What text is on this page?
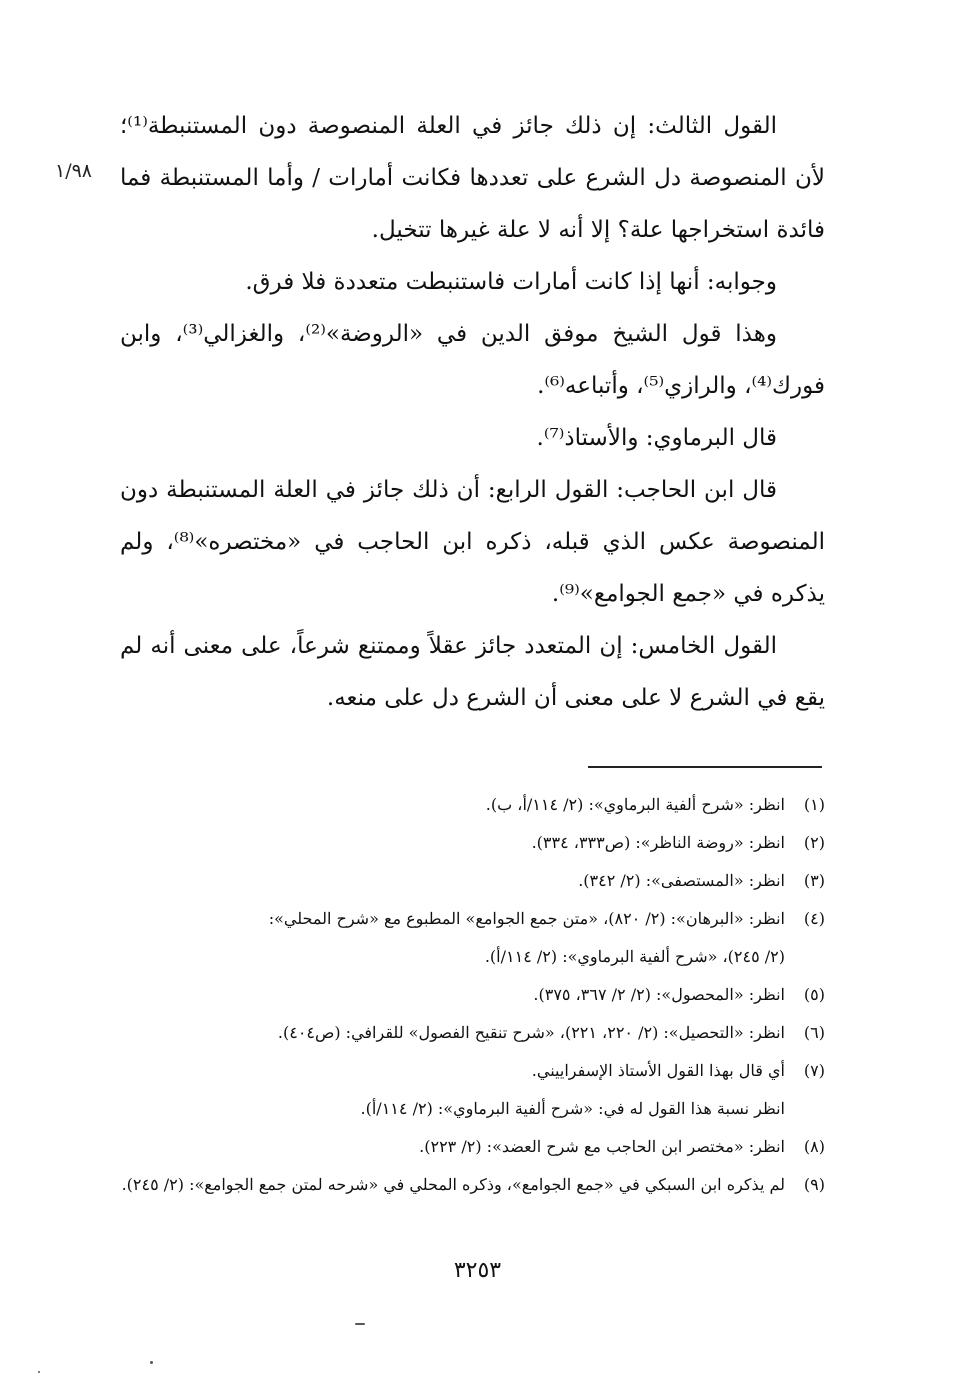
١/٩٨

القول الثالث: إن ذلك جائز في العلة المنصوصة دون المستنبطة⁽¹⁾؛ لأن المنصوصة دل الشرع على تعددها فكانت أمارات / وأما المستنبطة فما فائدة استخراجها علة؟ إلا أنه لا علة غيرها تتخيل.

وجوابه: أنها إذا كانت أمارات فاستنبطت متعددة فلا فرق.

وهذا قول الشيخ موفق الدين في «الروضة»⁽²⁾، والغزالي⁽³⁾، وابن فورك⁽⁴⁾، والرازي⁽⁵⁾، وأتباعه⁽⁶⁾.

قال البرماوي: والأستاذ⁽⁷⁾.

قال ابن الحاجب: القول الرابع: أن ذلك جائز في العلة المستنبطة دون المنصوصة عكس الذي قبله، ذكره ابن الحاجب في «مختصره»⁽⁸⁾، ولم يذكره في «جمع الجوامع»⁽⁹⁾.

القول الخامس: إن المتعدد جائز عقلاً وممتنع شرعاً، على معنى أنه لم يقع في الشرع لا على معنى أن الشرع دل على منعه.

(١)
انظر: «شرح ألفية البرماوي»: (٢/ ١١٤/أ، ب).
(٢)
انظر: «روضة الناظر»: (ص٣٣٣، ٣٣٤).
(٣)
انظر: «المستصفى»: (٢/ ٣٤٢).
(٤)
انظر: «البرهان»: (٢/ ٨٢٠)، «متن جمع الجوامع» المطبوع مع «شرح المحلي»:
(٢/ ٢٤٥)، «شرح ألفية البرماوي»: (٢/ ١١٤/أ).
(٥)
انظر: «المحصول»: (٢/ ٢/ ٣٦٧، ٣٧٥).
(٦)
انظر: «التحصيل»: (٢/ ٢٢٠، ٢٢١)، «شرح تنقيح الفصول» للقرافي: (ص٤٠٤).
(٧)
أي قال بهذا القول الأستاذ الإسفراييني.
انظر نسبة هذا القول له في: «شرح ألفية البرماوي»: (٢/ ١١٤/أ).
(٨)
انظر: «مختصر ابن الحاجب مع شرح العضد»: (٢/ ٢٢٣).
(٩)
لم يذكره ابن السبكي في «جمع الجوامع»، وذكره المحلي في «شرحه لمتن جمع الجوامع»: (٢/ ٢٤٥).
٣٢٥٣
